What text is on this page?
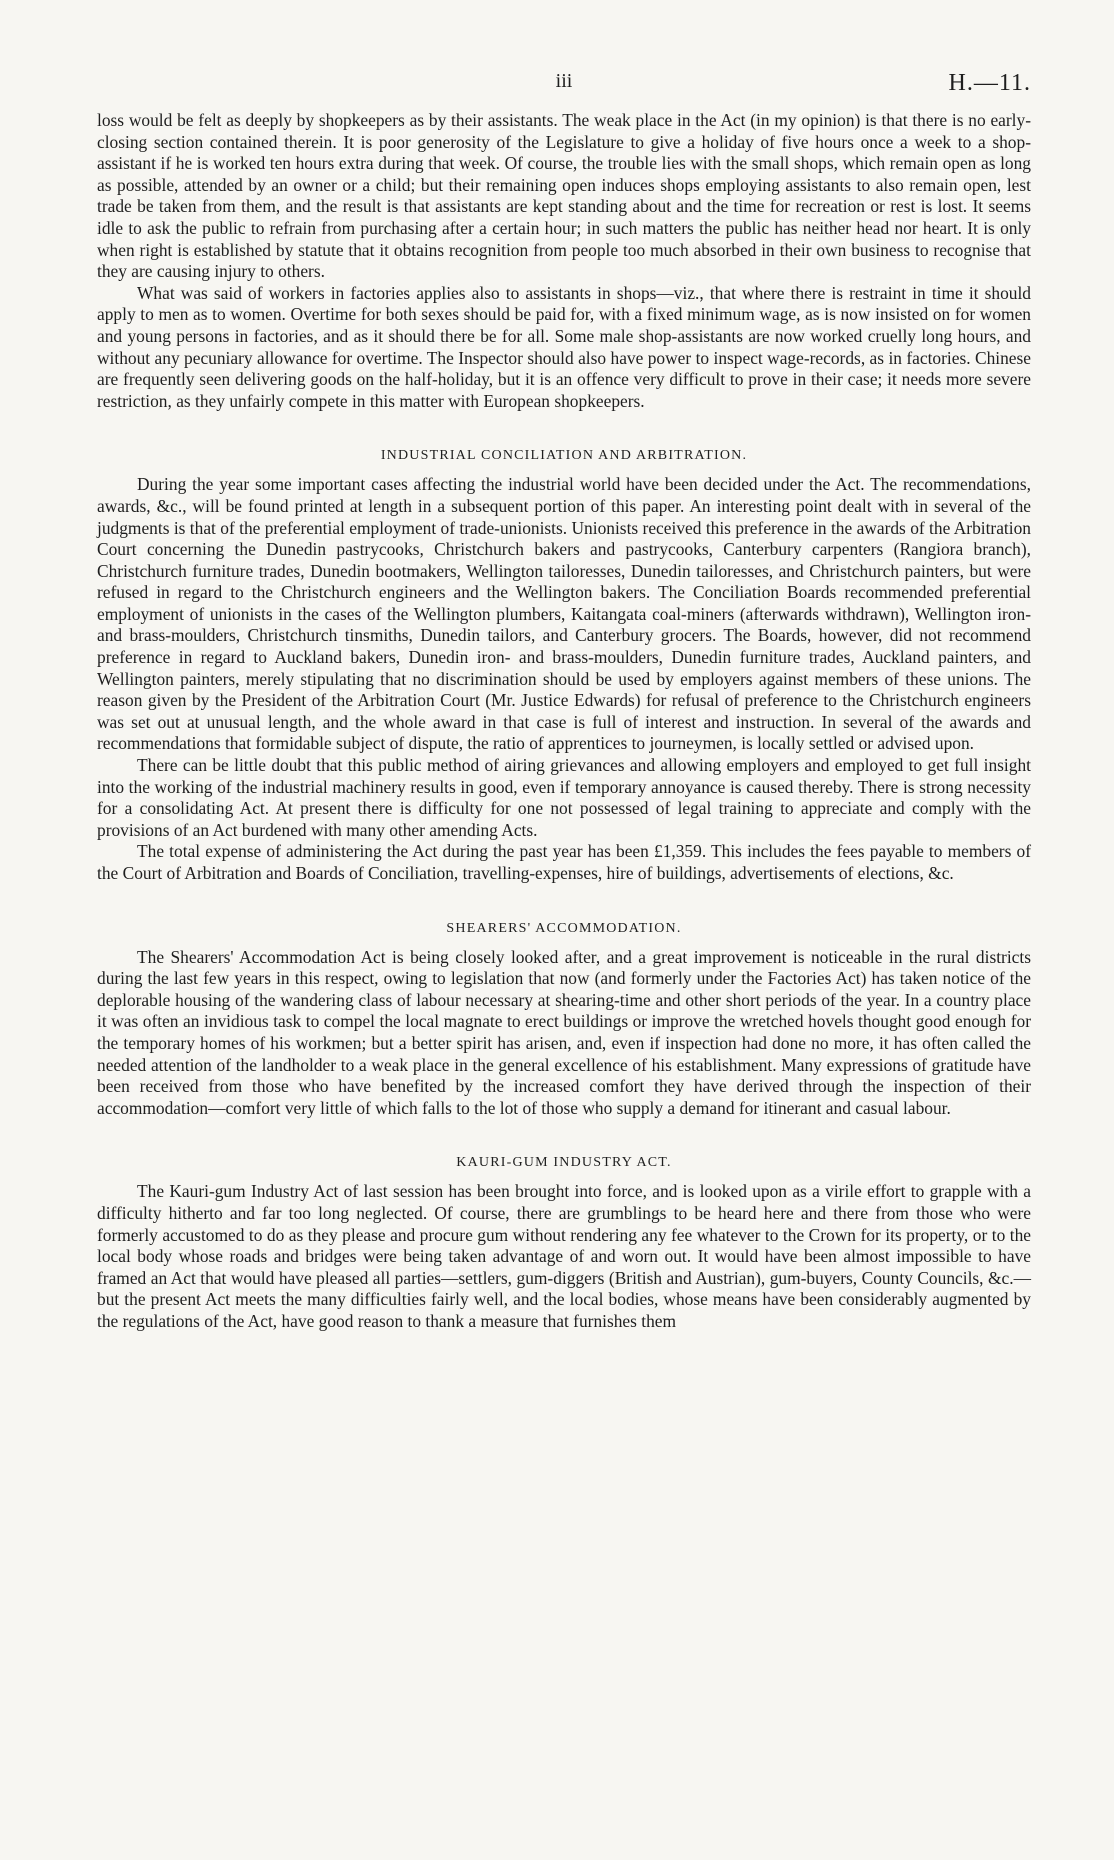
iii	H.—11.

loss would be felt as deeply by shopkeepers as by their assistants. The weak place in the Act (in my opinion) is that there is no early-closing section contained therein. It is poor generosity of the Legislature to give a holiday of five hours once a week to a shop-assistant if he is worked ten hours extra during that week. Of course, the trouble lies with the small shops, which remain open as long as possible, attended by an owner or a child; but their remaining open induces shops employing assistants to also remain open, lest trade be taken from them, and the result is that assistants are kept standing about and the time for recreation or rest is lost. It seems idle to ask the public to refrain from purchasing after a certain hour; in such matters the public has neither head nor heart. It is only when right is established by statute that it obtains recognition from people too much absorbed in their own business to recognise that they are causing injury to others.

What was said of workers in factories applies also to assistants in shops—viz., that where there is restraint in time it should apply to men as to women. Overtime for both sexes should be paid for, with a fixed minimum wage, as is now insisted on for women and young persons in factories, and as it should there be for all. Some male shop-assistants are now worked cruelly long hours, and without any pecuniary allowance for overtime. The Inspector should also have power to inspect wage-records, as in factories. Chinese are frequently seen delivering goods on the half-holiday, but it is an offence very difficult to prove in their case; it needs more severe restriction, as they unfairly compete in this matter with European shopkeepers.

INDUSTRIAL CONCILIATION AND ARBITRATION.

During the year some important cases affecting the industrial world have been decided under the Act. The recommendations, awards, &c., will be found printed at length in a subsequent portion of this paper. An interesting point dealt with in several of the judgments is that of the preferential employment of trade-unionists. Unionists received this preference in the awards of the Arbitration Court concerning the Dunedin pastrycooks, Christchurch bakers and pastrycooks, Canterbury carpenters (Rangiora branch), Christchurch furniture trades, Dunedin bootmakers, Wellington tailoresses, Dunedin tailoresses, and Christchurch painters, but were refused in regard to the Christchurch engineers and the Wellington bakers. The Conciliation Boards recommended preferential employment of unionists in the cases of the Wellington plumbers, Kaitangata coal-miners (afterwards withdrawn), Wellington iron- and brass-moulders, Christchurch tinsmiths, Dunedin tailors, and Canterbury grocers. The Boards, however, did not recommend preference in regard to Auckland bakers, Dunedin iron- and brass-moulders, Dunedin furniture trades, Auckland painters, and Wellington painters, merely stipulating that no discrimination should be used by employers against members of these unions. The reason given by the President of the Arbitration Court (Mr. Justice Edwards) for refusal of preference to the Christchurch engineers was set out at unusual length, and the whole award in that case is full of interest and instruction. In several of the awards and recommendations that formidable subject of dispute, the ratio of apprentices to journeymen, is locally settled or advised upon.

There can be little doubt that this public method of airing grievances and allowing employers and employed to get full insight into the working of the industrial machinery results in good, even if temporary annoyance is caused thereby. There is strong necessity for a consolidating Act. At present there is difficulty for one not possessed of legal training to appreciate and comply with the provisions of an Act burdened with many other amending Acts.

The total expense of administering the Act during the past year has been £1,359. This includes the fees payable to members of the Court of Arbitration and Boards of Conciliation, travelling-expenses, hire of buildings, advertisements of elections, &c.

SHEARERS' ACCOMMODATION.

The Shearers' Accommodation Act is being closely looked after, and a great improvement is noticeable in the rural districts during the last few years in this respect, owing to legislation that now (and formerly under the Factories Act) has taken notice of the deplorable housing of the wandering class of labour necessary at shearing-time and other short periods of the year. In a country place it was often an invidious task to compel the local magnate to erect buildings or improve the wretched hovels thought good enough for the temporary homes of his workmen; but a better spirit has arisen, and, even if inspection had done no more, it has often called the needed attention of the landholder to a weak place in the general excellence of his establishment. Many expressions of gratitude have been received from those who have benefited by the increased comfort they have derived through the inspection of their accommodation—comfort very little of which falls to the lot of those who supply a demand for itinerant and casual labour.

KAURI-GUM INDUSTRY ACT.

The Kauri-gum Industry Act of last session has been brought into force, and is looked upon as a virile effort to grapple with a difficulty hitherto and far too long neglected. Of course, there are grumblings to be heard here and there from those who were formerly accustomed to do as they please and procure gum without rendering any fee whatever to the Crown for its property, or to the local body whose roads and bridges were being taken advantage of and worn out. It would have been almost impossible to have framed an Act that would have pleased all parties—settlers, gum-diggers (British and Austrian), gum-buyers, County Councils, &c.—but the present Act meets the many difficulties fairly well, and the local bodies, whose means have been considerably augmented by the regulations of the Act, have good reason to thank a measure that furnishes them
